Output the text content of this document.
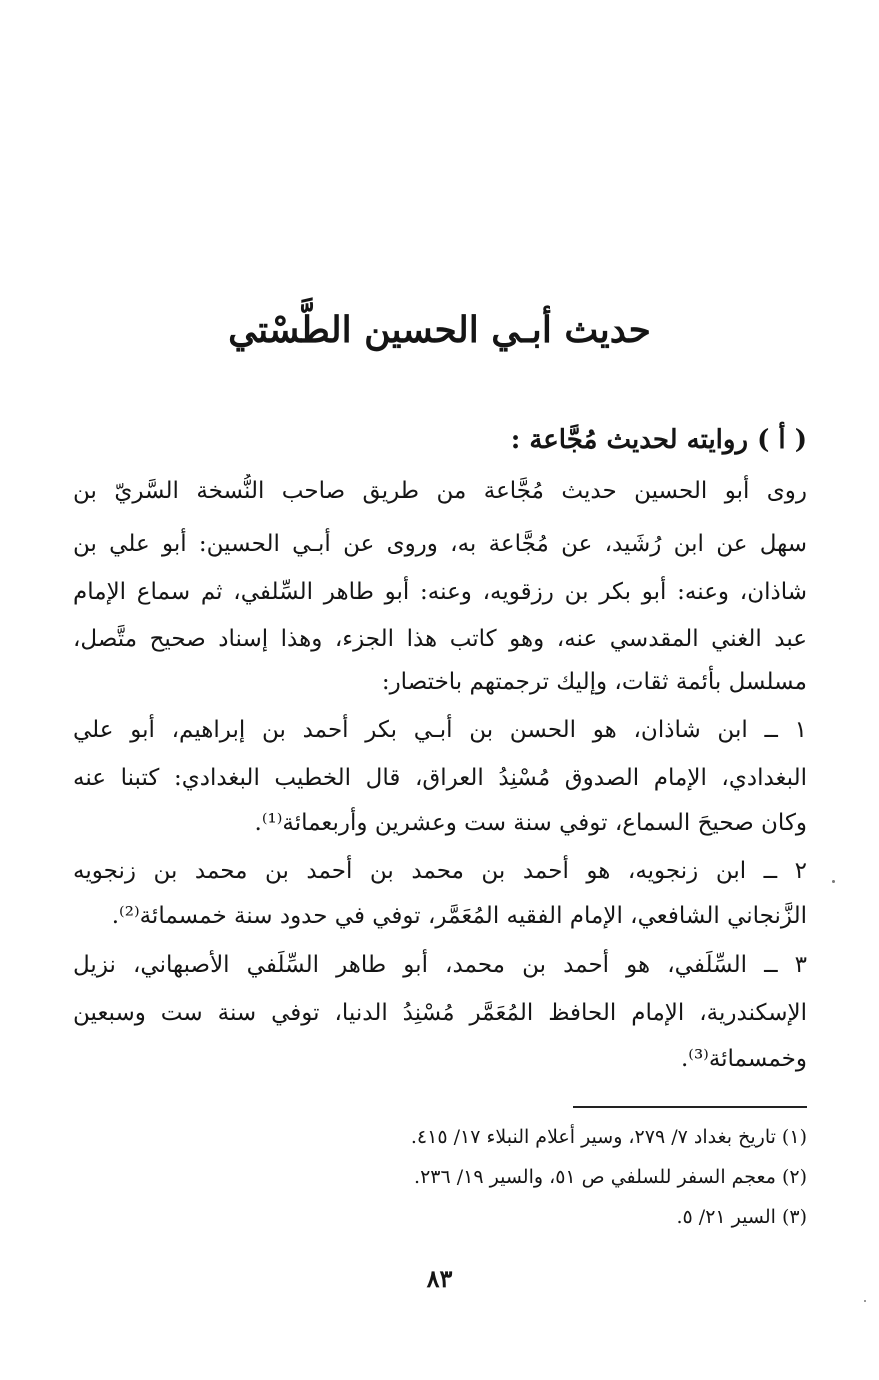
حديث أبـي الحسين الطَّسْتي
( أ ) روايته لحديث مُجَّاعة :
روى أبو الحسين حديث مُجَّاعة من طريق صاحب النُّسخة السَّريّ بن
سهل عن ابن رُشَيد، عن مُجَّاعة به، وروى عن أبـي الحسين: أبو علي بن
شاذان، وعنه: أبو بكر بن رزقويه، وعنه: أبو طاهر السِّلفي، ثم سماع الإمام
عبد الغني المقدسي عنه، وهو كاتب هذا الجزء، وهذا إسناد صحيح متَّصل،
مسلسل بأئمة ثقات، وإليك ترجمتهم باختصار:
١ ــ ابن شاذان، هو الحسن بن أبـي بكر أحمد بن إبراهيم، أبو علي
البغدادي، الإمام الصدوق مُسْنِدُ العراق، قال الخطيب البغدادي: كتبنا عنه
وكان صحيحَ السماع، توفي سنة ست وعشرين وأربعمائة⁽¹⁾.
٢ ــ ابن زنجويه، هو أحمد بن محمد بن أحمد بن محمد بن زنجويه
الزَّنجاني الشافعي، الإمام الفقيه المُعَمَّر، توفي في حدود سنة خمسمائة⁽²⁾.
٣ ــ السِّلَفي، هو أحمد بن محمد، أبو طاهر السِّلَفي الأصبهاني، نزيل
الإسكندرية، الإمام الحافظ المُعَمَّر مُسْنِدُ الدنيا، توفي سنة ست وسبعين
وخمسمائة⁽³⁾.
(١) تاريخ بغداد ٧/ ٢٧٩، وسير أعلام النبلاء ١٧/ ٤١٥.
(٢) معجم السفر للسلفي ص ٥١، والسير ١٩/ ٢٣٦.
(٣) السير ٢١/ ٥.
٨٣
